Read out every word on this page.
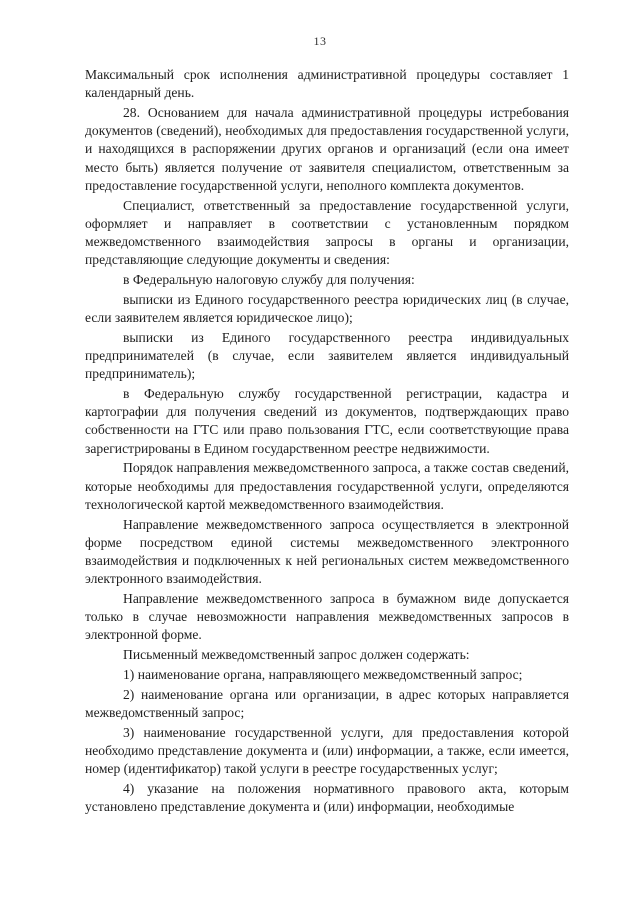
13

Максимальный срок исполнения административной процедуры составляет 1 календарный день.

28. Основанием для начала административной процедуры истребования документов (сведений), необходимых для предоставления государственной услуги, и находящихся в распоряжении других органов и организаций (если она имеет место быть) является получение от заявителя специалистом, ответственным за предоставление государственной услуги, неполного комплекта документов.

Специалист, ответственный за предоставление государственной услуги, оформляет и направляет в соответствии с установленным порядком межведомственного взаимодействия запросы в органы и организации, представляющие следующие документы и сведения:

в Федеральную налоговую службу для получения:

выписки из Единого государственного реестра юридических лиц (в случае, если заявителем является юридическое лицо);

выписки из Единого государственного реестра индивидуальных предпринимателей (в случае, если заявителем является индивидуальный предприниматель);

в Федеральную службу государственной регистрации, кадастра и картографии для получения сведений из документов, подтверждающих право собственности на ГТС или право пользования ГТС, если соответствующие права зарегистрированы в Едином государственном реестре недвижимости.

Порядок направления межведомственного запроса, а также состав сведений, которые необходимы для предоставления государственной услуги, определяются технологической картой межведомственного взаимодействия.

Направление межведомственного запроса осуществляется в электронной форме посредством единой системы межведомственного электронного взаимодействия и подключенных к ней региональных систем межведомственного электронного взаимодействия.

Направление межведомственного запроса в бумажном виде допускается только в случае невозможности направления межведомственных запросов в электронной форме.

Письменный межведомственный запрос должен содержать:

1) наименование органа, направляющего межведомственный запрос;

2) наименование органа или организации, в адрес которых направляется межведомственный запрос;

3) наименование государственной услуги, для предоставления которой необходимо представление документа и (или) информации, а также, если имеется, номер (идентификатор) такой услуги в реестре государственных услуг;

4) указание на положения нормативного правового акта, которым установлено представление документа и (или) информации, необходимые
